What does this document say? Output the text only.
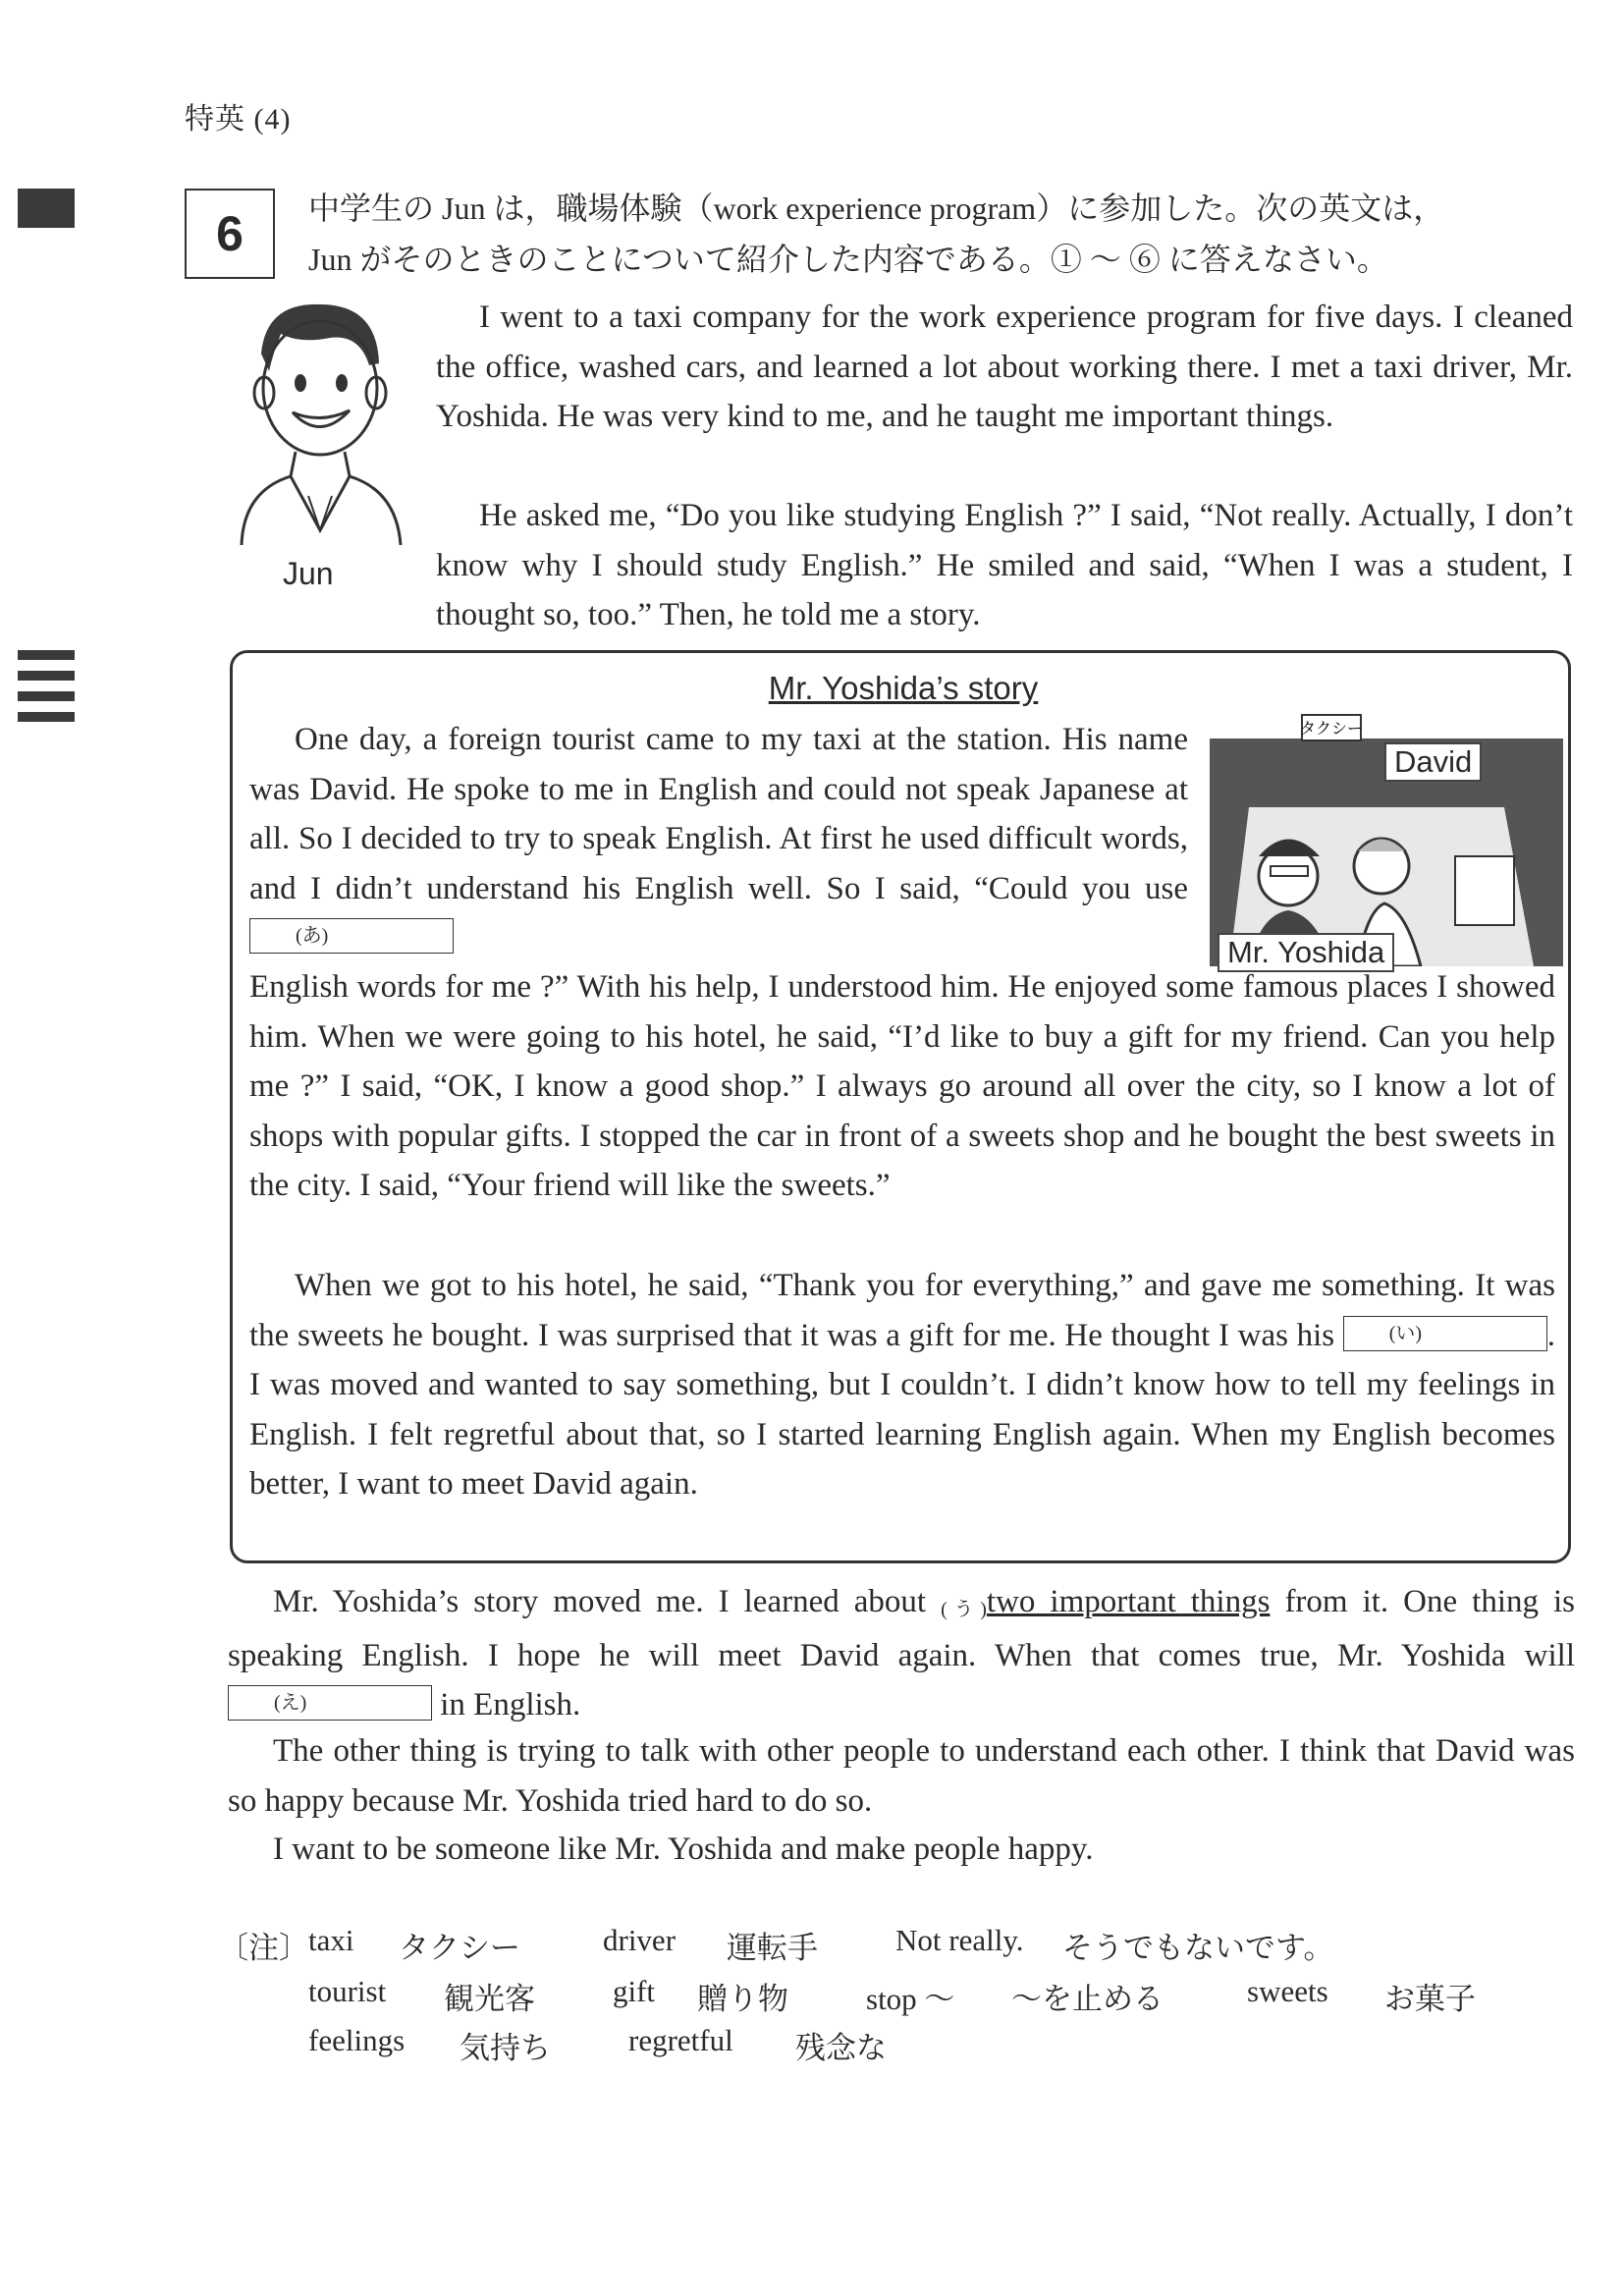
特英 (4)
6	中学生の Jun は，職場体験（work experience program）に参加した。次の英文は，
Jun がそのときのことについて紹介した内容である。① 〜 ⑥ に答えなさい。
Jun
I went to a taxi company for the work experience program for five days. I cleaned the office, washed cars, and learned a lot about working there. I met a taxi driver, Mr. Yoshida. He was very kind to me, and he taught me important things.
He asked me, “Do you like studying English ?” I said, “Not really. Actually, I don’t know why I should study English.” He smiled and said, “When I was a student, I thought so, too.” Then, he told me a story.
Mr. Yoshida’s story
タクシー
David
Mr. Yoshida
One day, a foreign tourist came to my taxi at the station. His name was David. He spoke to me in English and could not speak Japanese at all. So I decided to try to speak English. At first he used difficult words, and I didn’t understand his English well. So I said, “Could you use (あ)
English words for me ?” With his help, I understood him. He enjoyed some famous places I showed him. When we were going to his hotel, he said, “I’d like to buy a gift for my friend. Can you help me ?” I said, “OK, I know a good shop.” I always go around all over the city, so I know a lot of shops with popular gifts. I stopped the car in front of a sweets shop and he bought the best sweets in the city. I said, “Your friend will like the sweets.”
When we got to his hotel, he said, “Thank you for everything,” and gave me something. It was the sweets he bought. I was surprised that it was a gift for me. He thought I was his	(い)	. I was moved and wanted to say something, but I couldn’t. I didn’t know how to tell my feelings in English. I felt regretful about that, so I started learning English again. When my English becomes better, I want to meet David again.
Mr. Yoshida’s story moved me. I learned about (う)two important things from it. One thing is speaking English. I hope he will meet David again. When that comes true, Mr. Yoshida will (え)	in English.
The other thing is trying to talk with other people to understand each other. I think that David was so happy because Mr. Yoshida tried hard to do so.
I want to be someone like Mr. Yoshida and make people happy.
〔注〕 taxi タクシー	driver 運転手	Not really. そうでもないです。
tourist 観光客	gift 贈り物	stop 〜 〜を止める	sweets お菓子
feelings 気持ち	regretful 残念な
